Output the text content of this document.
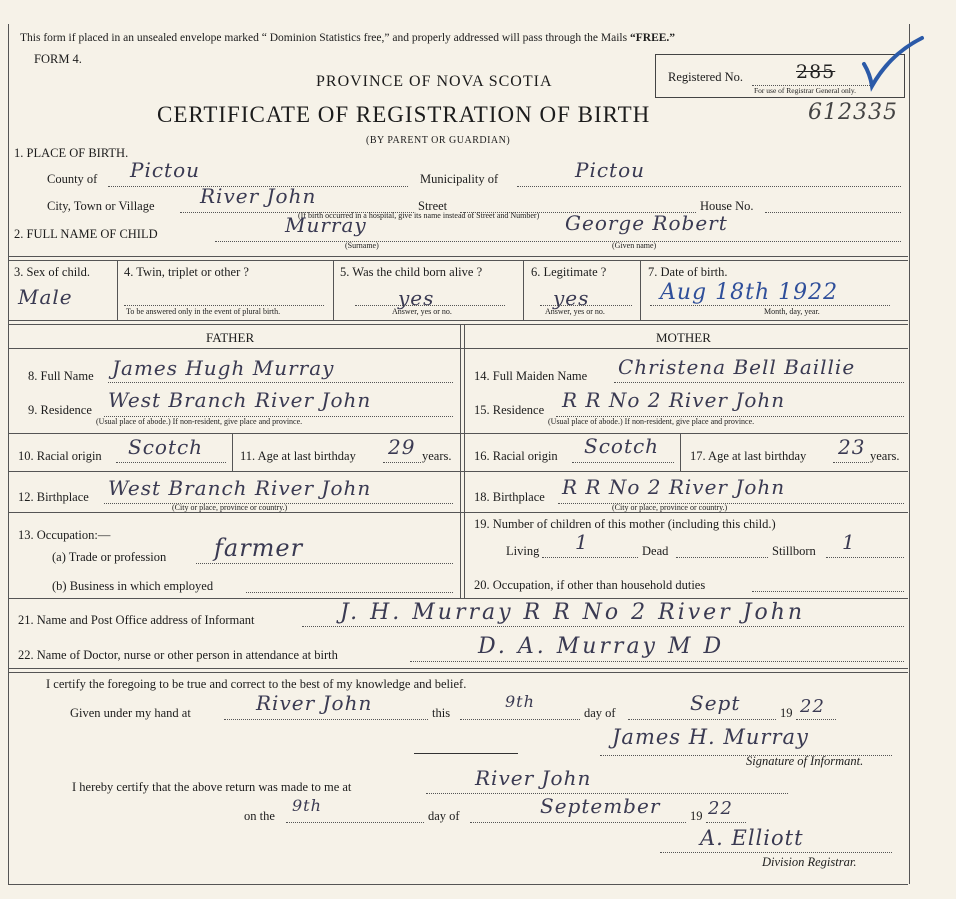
This form if placed in an unsealed envelope marked “ Dominion Statistics free,” and properly addressed will pass through the Mails “FREE.”
FORM 4.
PROVINCE OF NOVA SCOTIA
CERTIFICATE OF REGISTRATION OF BIRTH
(BY PARENT OR GUARDIAN)
Registered No.	285
For use of Registrar General only.
612335
1. PLACE OF BIRTH.
County of Pictou	Municipality of	Pictou
City, Town or Village River John	Street	House No.
(If birth occurred in a hospital, give its name instead of Street and Number)
2. FULL NAME OF CHILD	Murray	George Robert
(Surname)	(Given name)
3. Sex of child.
Male
4. Twin, triplet or other ?
To be answered only in the event of plural birth.
5. Was the child born alive ?
yes
Answer, yes or no.
6. Legitimate ?
yes
Answer, yes or no.
7. Date of birth.
Aug 18th 1922
Month, day, year.
FATHER	MOTHER
8. Full Name James Hugh Murray
9. Residence West Branch River John
(Usual place of abode.) If non-resident, give place and province.
10. Racial origin Scotch	11. Age at last birthday 29 years.
12. Birthplace West Branch River John
(City or place, province or country.)
13. Occupation:—
(a) Trade or profession farmer
(b) Business in which employed
14. Full Maiden Name Christena Bell Baillie
15. Residence R R No 2 River John
(Usual place of abode.) If non-resident, give place and province.
16. Racial origin Scotch 17. Age at last birthday 23 years.
18. Birthplace R R No 2 River John
(City or place, province or country.)
19. Number of children of this mother (including this child.)
Living 1	Dead	Stillborn 1
20. Occupation, if other than household duties
21. Name and Post Office address of Informant	J. H. Murray R R No 2 River John
22. Name of Doctor, nurse or other person in attendance at birth	D. A. Murray M D
I certify the foregoing to be true and correct to the best of my knowledge and belief.
Given under my hand at	River John	this
9th
day of	Sept	19 22
James H. Murray
Signature of Informant.
I hereby certify that the above return was made to me at	River John
on the
9th
day of	September 19 22
A. Elliott
Division Registrar.
